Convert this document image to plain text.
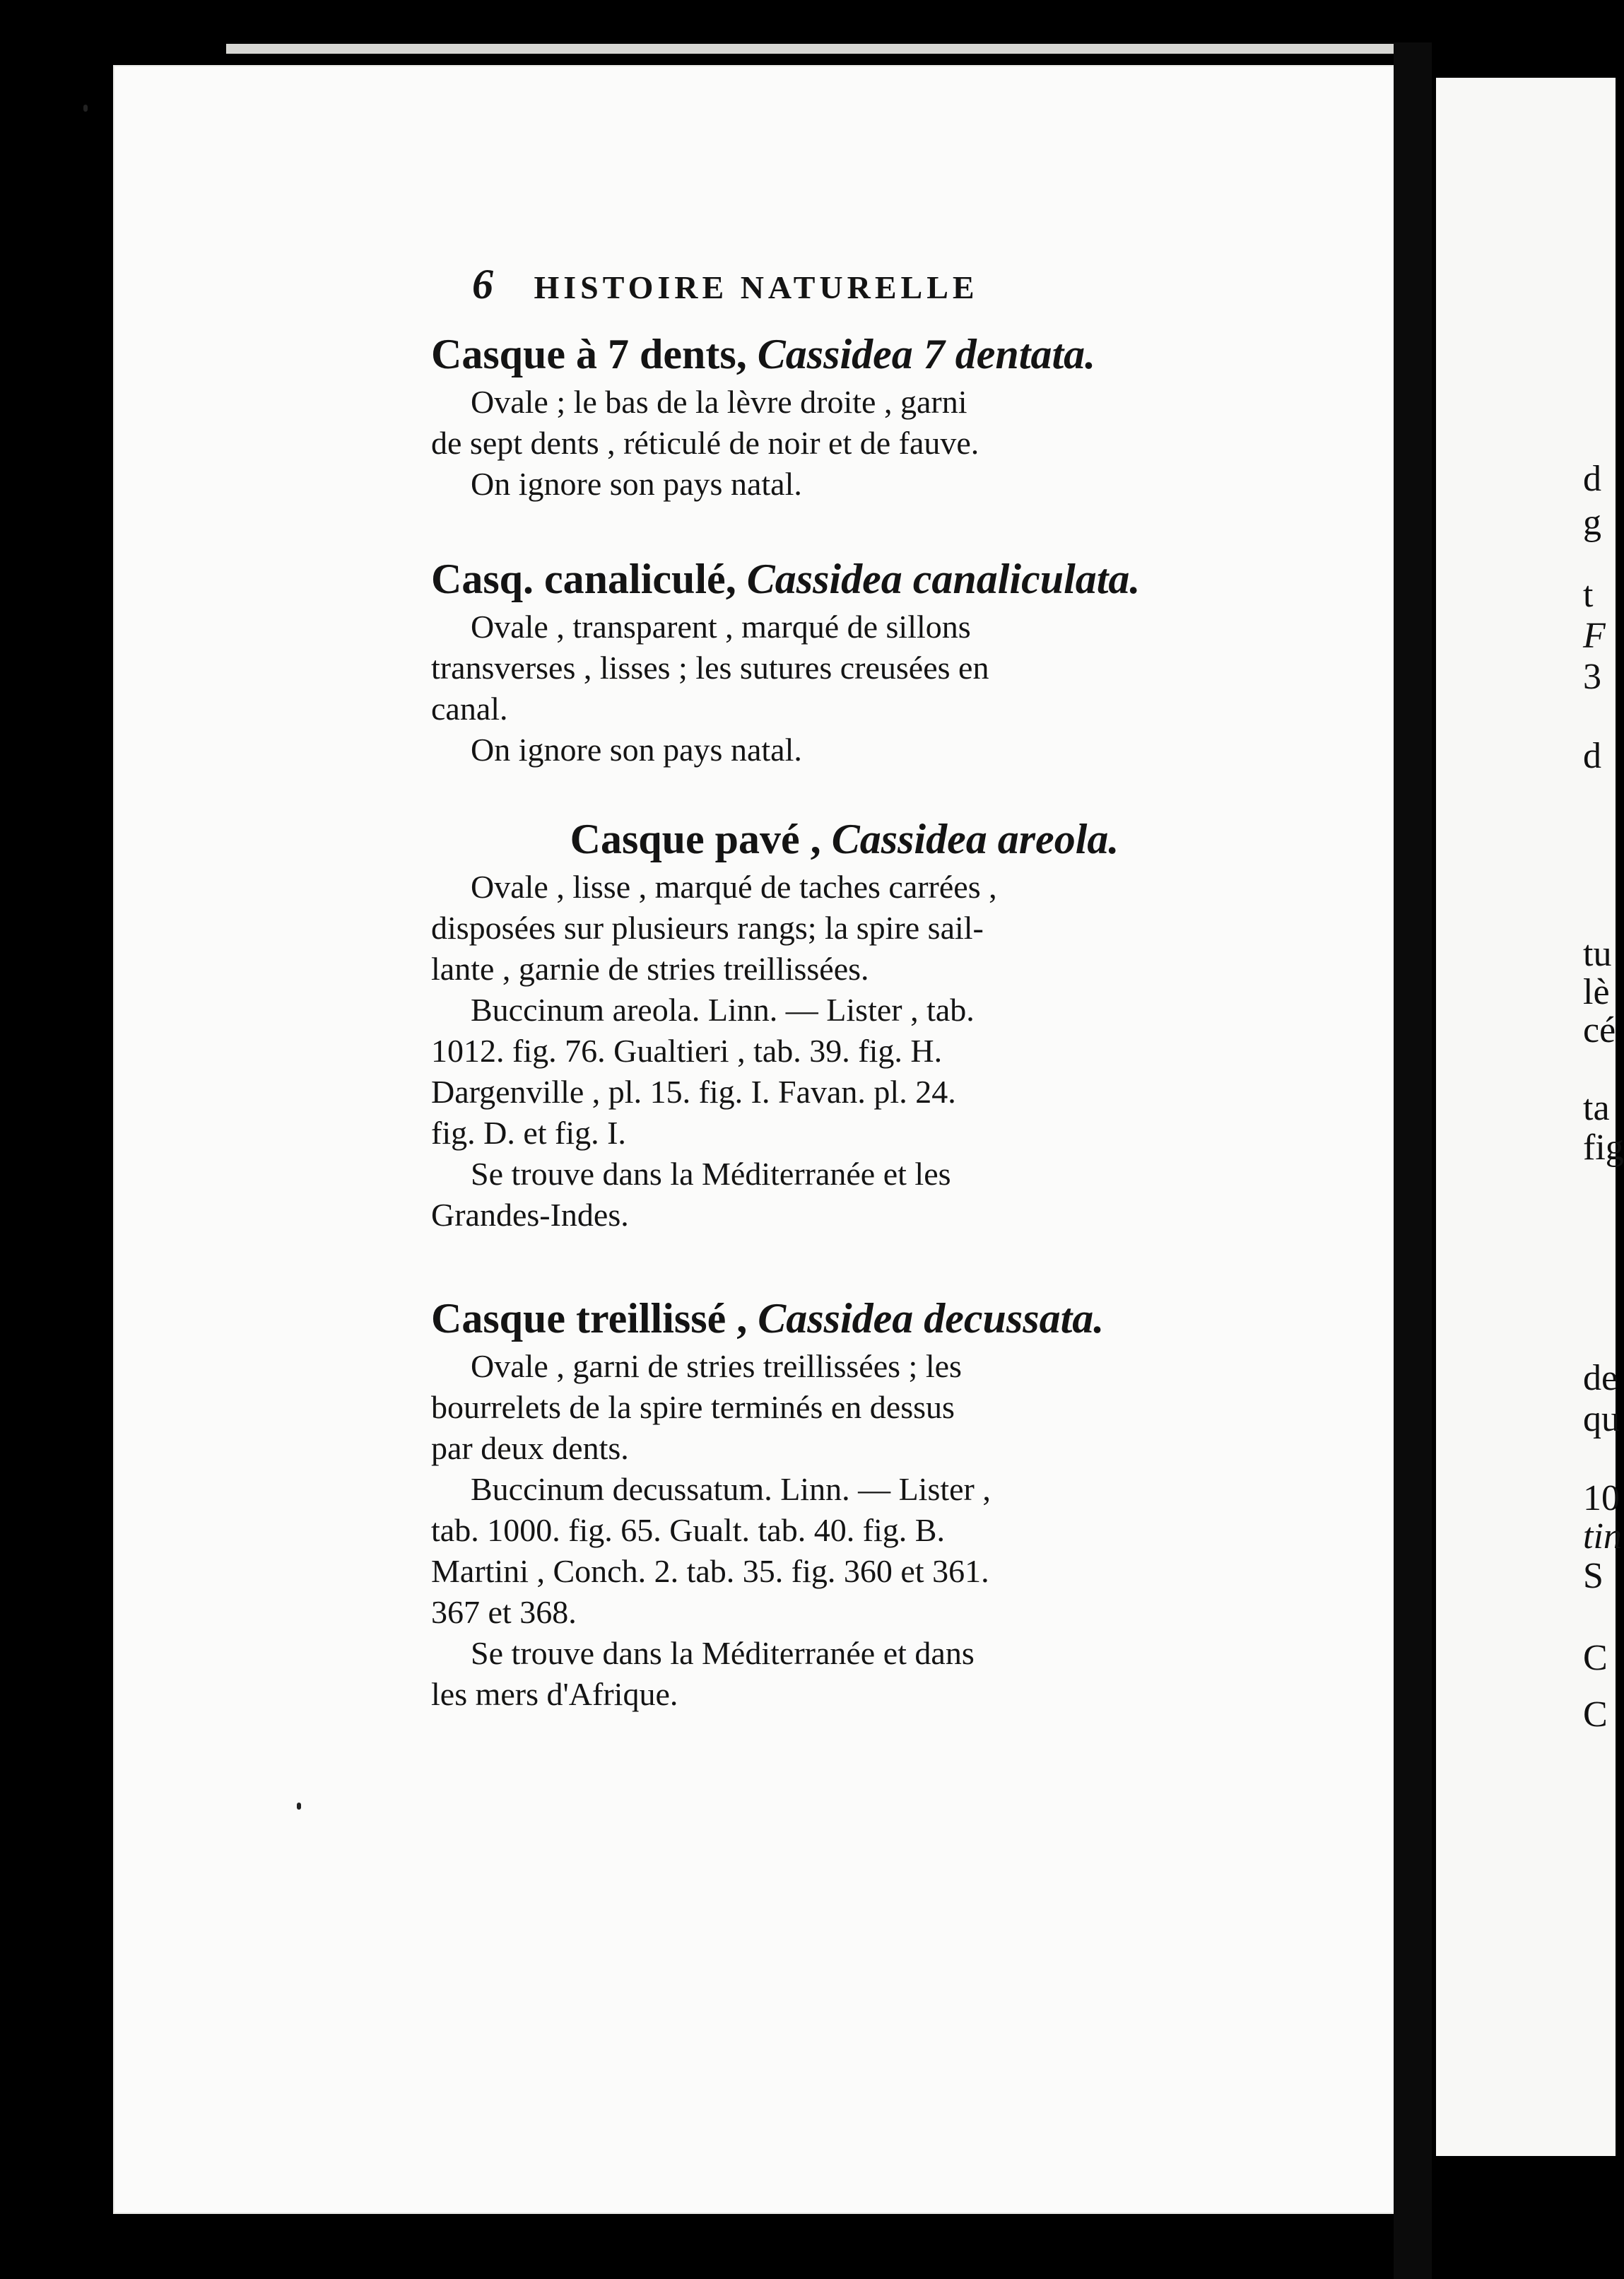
6 HISTOIRE NATURELLE
Casque à 7 dents, Cassidea 7 dentata.
Ovale ; le bas de la lèvre droite , garni
de sept dents , réticulé de noir et de fauve.
On ignore son pays natal.
Casq. canaliculé, Cassidea canaliculata.
Ovale , transparent , marqué de sillons
transverses , lisses ; les sutures creusées en
canal.
On ignore son pays natal.
Casque pavé , Cassidea areola.
Ovale , lisse , marqué de taches carrées ,
disposées sur plusieurs rangs; la spire sail-
lante , garnie de stries treillissées.
Buccinum areola. Linn. — Lister , tab.
1012. fig. 76. Gualtieri , tab. 39. fig. H.
Dargenville , pl. 15. fig. I. Favan. pl. 24.
fig. D. et fig. I.
Se trouve dans la Méditerranée et les
Grandes-Indes.
Casque treillissé , Cassidea decussata.
Ovale , garni de stries treillissées ; les
bourrelets de la spire terminés en dessus
par deux dents.
Buccinum decussatum. Linn. — Lister ,
tab. 1000. fig. 65. Gualt. tab. 40. fig. B.
Martini , Conch. 2. tab. 35. fig. 360 et 361.
367 et 368.
Se trouve dans la Méditerranée et dans
les mers d'Afrique.
d
g
t
F
3
d
tu
lè
cé
ta
fig
de
qu
10
tin
S
C
C
